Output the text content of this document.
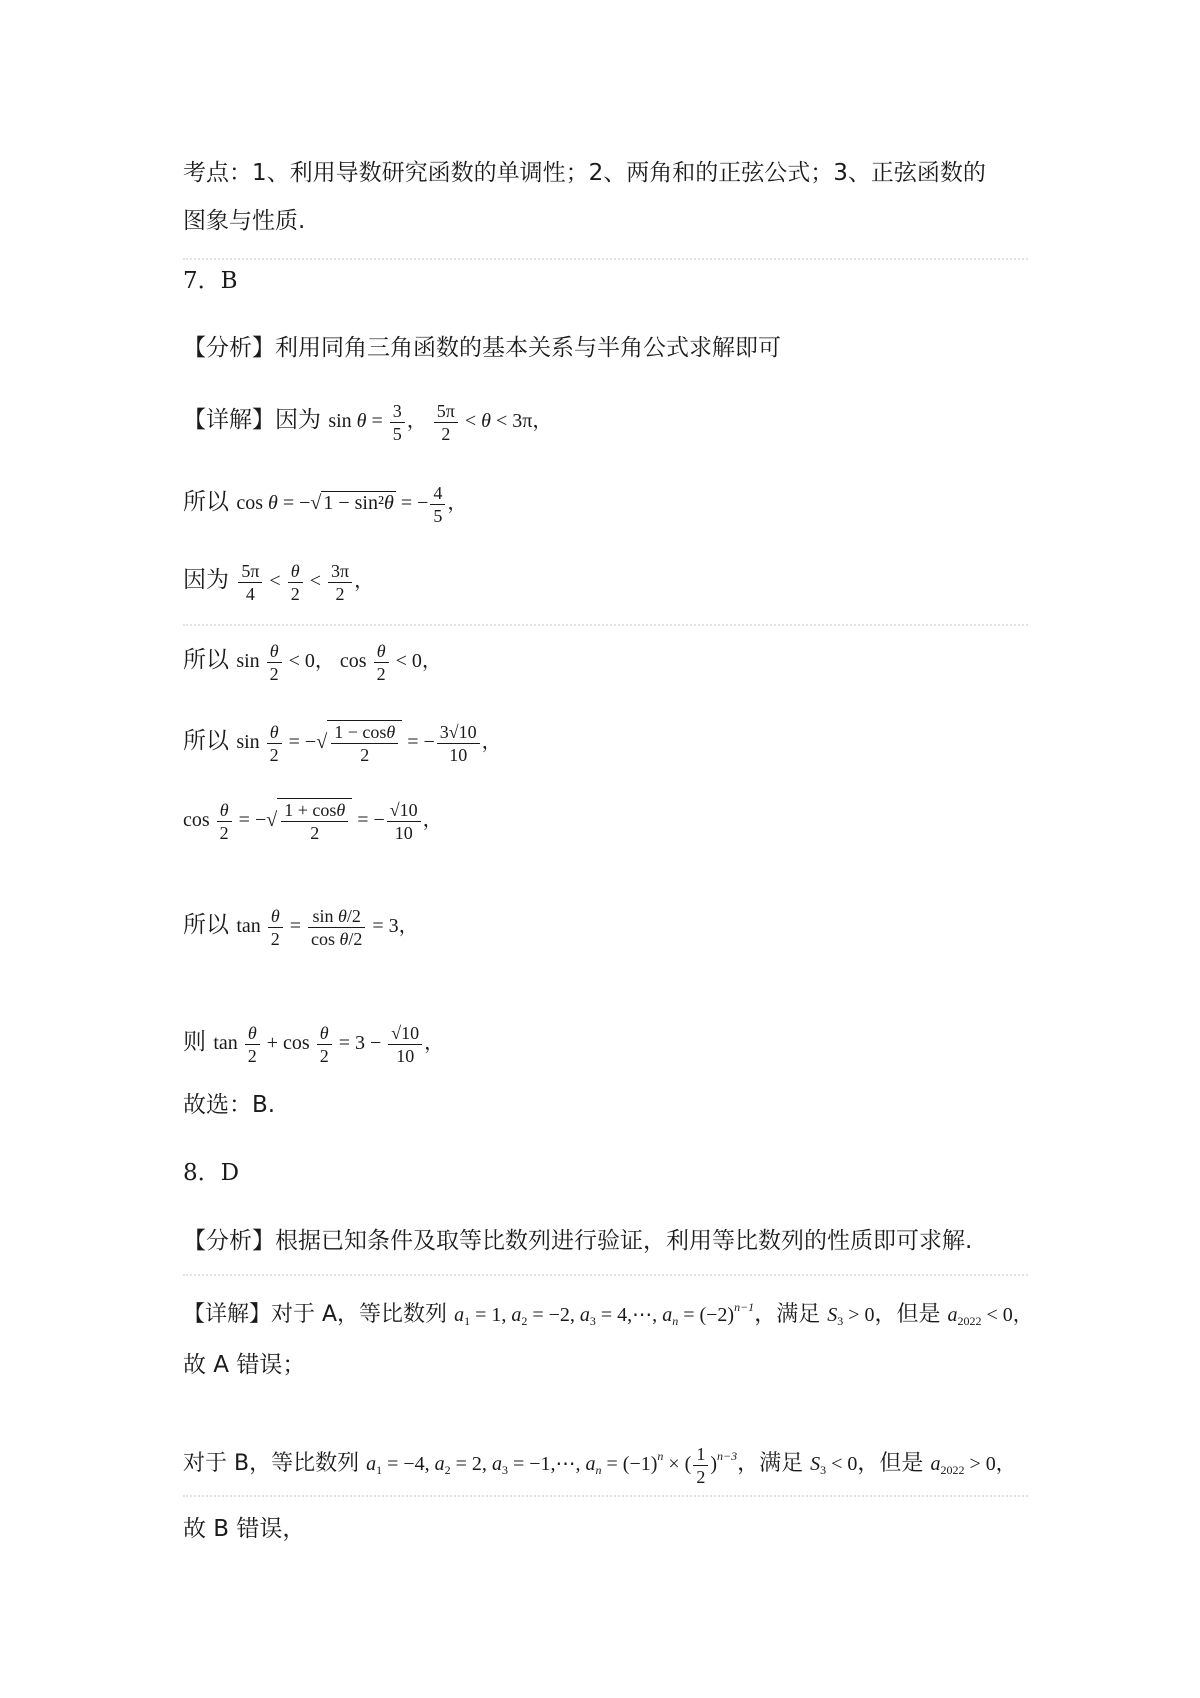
考点：1、利用导数研究函数的单调性；2、两角和的正弦公式；3、正弦函数的
图象与性质.
7．B
【分析】利用同角三角函数的基本关系与半角公式求解即可
【详解】因为 $\sin \theta = \frac{3}{5}$ ， $\frac{5\pi}{2} < \theta < 3\pi$，
所以 cos θ = −√ 1 − sin²θ = − $\frac{4}{5}$ ，
因为 $\frac{5\pi}{4} < \frac{\theta}{2} < \frac{3\pi}{2}$ ，
所以 $\sin \frac{\theta}{2} < 0$， $\cos \frac{\theta}{2} < 0$，
所以 $\sin \frac{\theta}{2}$ = −√ $\frac{1 - \cos\theta}{2}$ = − $\frac{3√10}{10}$ ，
$\cos \frac{\theta}{2}$ = −√ $\frac{1 + \cos\theta}{2}$ = − $\frac{√10}{10}$ ，
所以 $\tan \frac{\theta}{2} = \frac{\text{sin θ/2}}{\text{cos θ/2}} = 3$，
则 $\tan \frac{\theta}{2} + \cos \frac{\theta}{2} = 3 - \frac{√10}{10}$ ，
故选：B.
8．D
【分析】根据已知条件及取等比数列进行验证，利用等比数列的性质即可求解.
【详解】对于 A，等比数列 $a_1 = 1$, $a_2 = -2$, $a_3$ = 4,⋯, $a_n = (-2)^{n-1}$，满足 $S_3 > 0$，但是 $a_{2022} < 0$，
故 A 错误；
对于 B，等比数列 $a_1 = -4$, $a_2 = 2$, $a_3$ = −1,⋯, $a_n = (-1)^n$ × ( $\frac{1}{2} )^{n-3}$，满足 $S_3 < 0$，但是 $a_{2022} > 0$，
故 B 错误，
